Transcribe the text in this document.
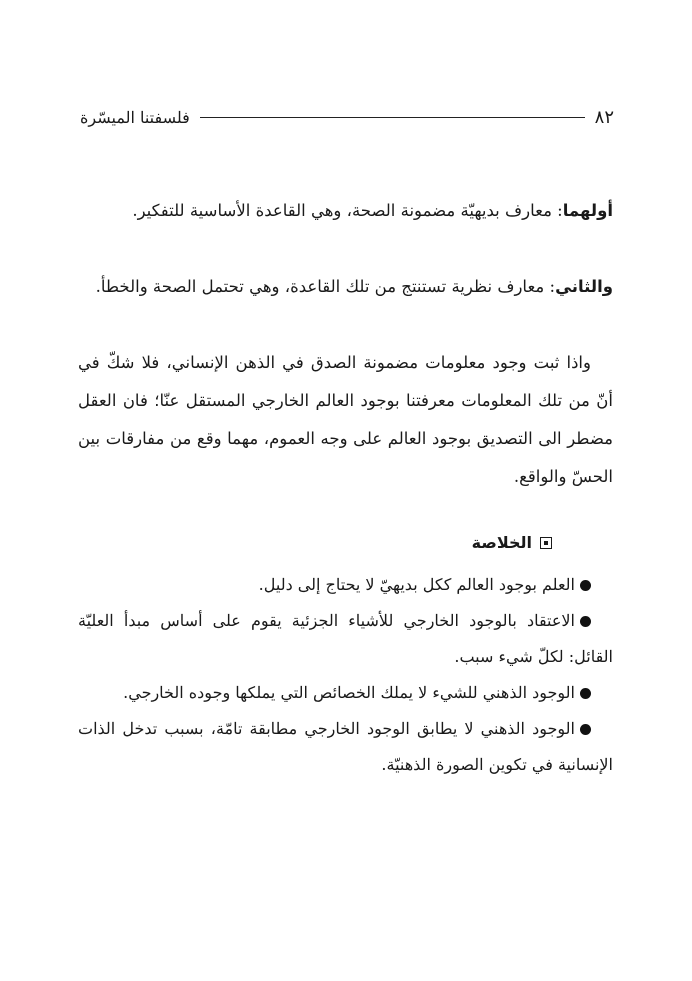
٨٢
فلسفتنا الميسّرة

أولهما: معارف بديهيّة مضمونة الصحة، وهي القاعدة الأساسية للتفكير.

والثاني: معارف نظرية تستنتج من تلك القاعدة، وهي تحتمل الصحة والخطأ.

واذا ثبت وجود معلومات مضمونة الصدق في الذهن الإنساني، فلا شكّ في أنّ من تلك المعلومات معرفتنا بوجود العالم الخارجي المستقل عنّا؛ فان العقل مضطر الى التصديق بوجود العالم على وجه العموم، مهما وقع من مفارقات بين الحسّ والواقع.

الخلاصة

العلم بوجود العالم ككل بديهيّ لا يحتاج إلى دليل.

الاعتقاد بالوجود الخارجي للأشياء الجزئية يقوم على أساس مبدأ العليّة القائل: لكلّ شيء سبب.

الوجود الذهني للشيء لا يملك الخصائص التي يملكها وجوده الخارجي.

الوجود الذهني لا يطابق الوجود الخارجي مطابقة تامّة، بسبب تدخل الذات الإنسانية في تكوين الصورة الذهنيّة.
